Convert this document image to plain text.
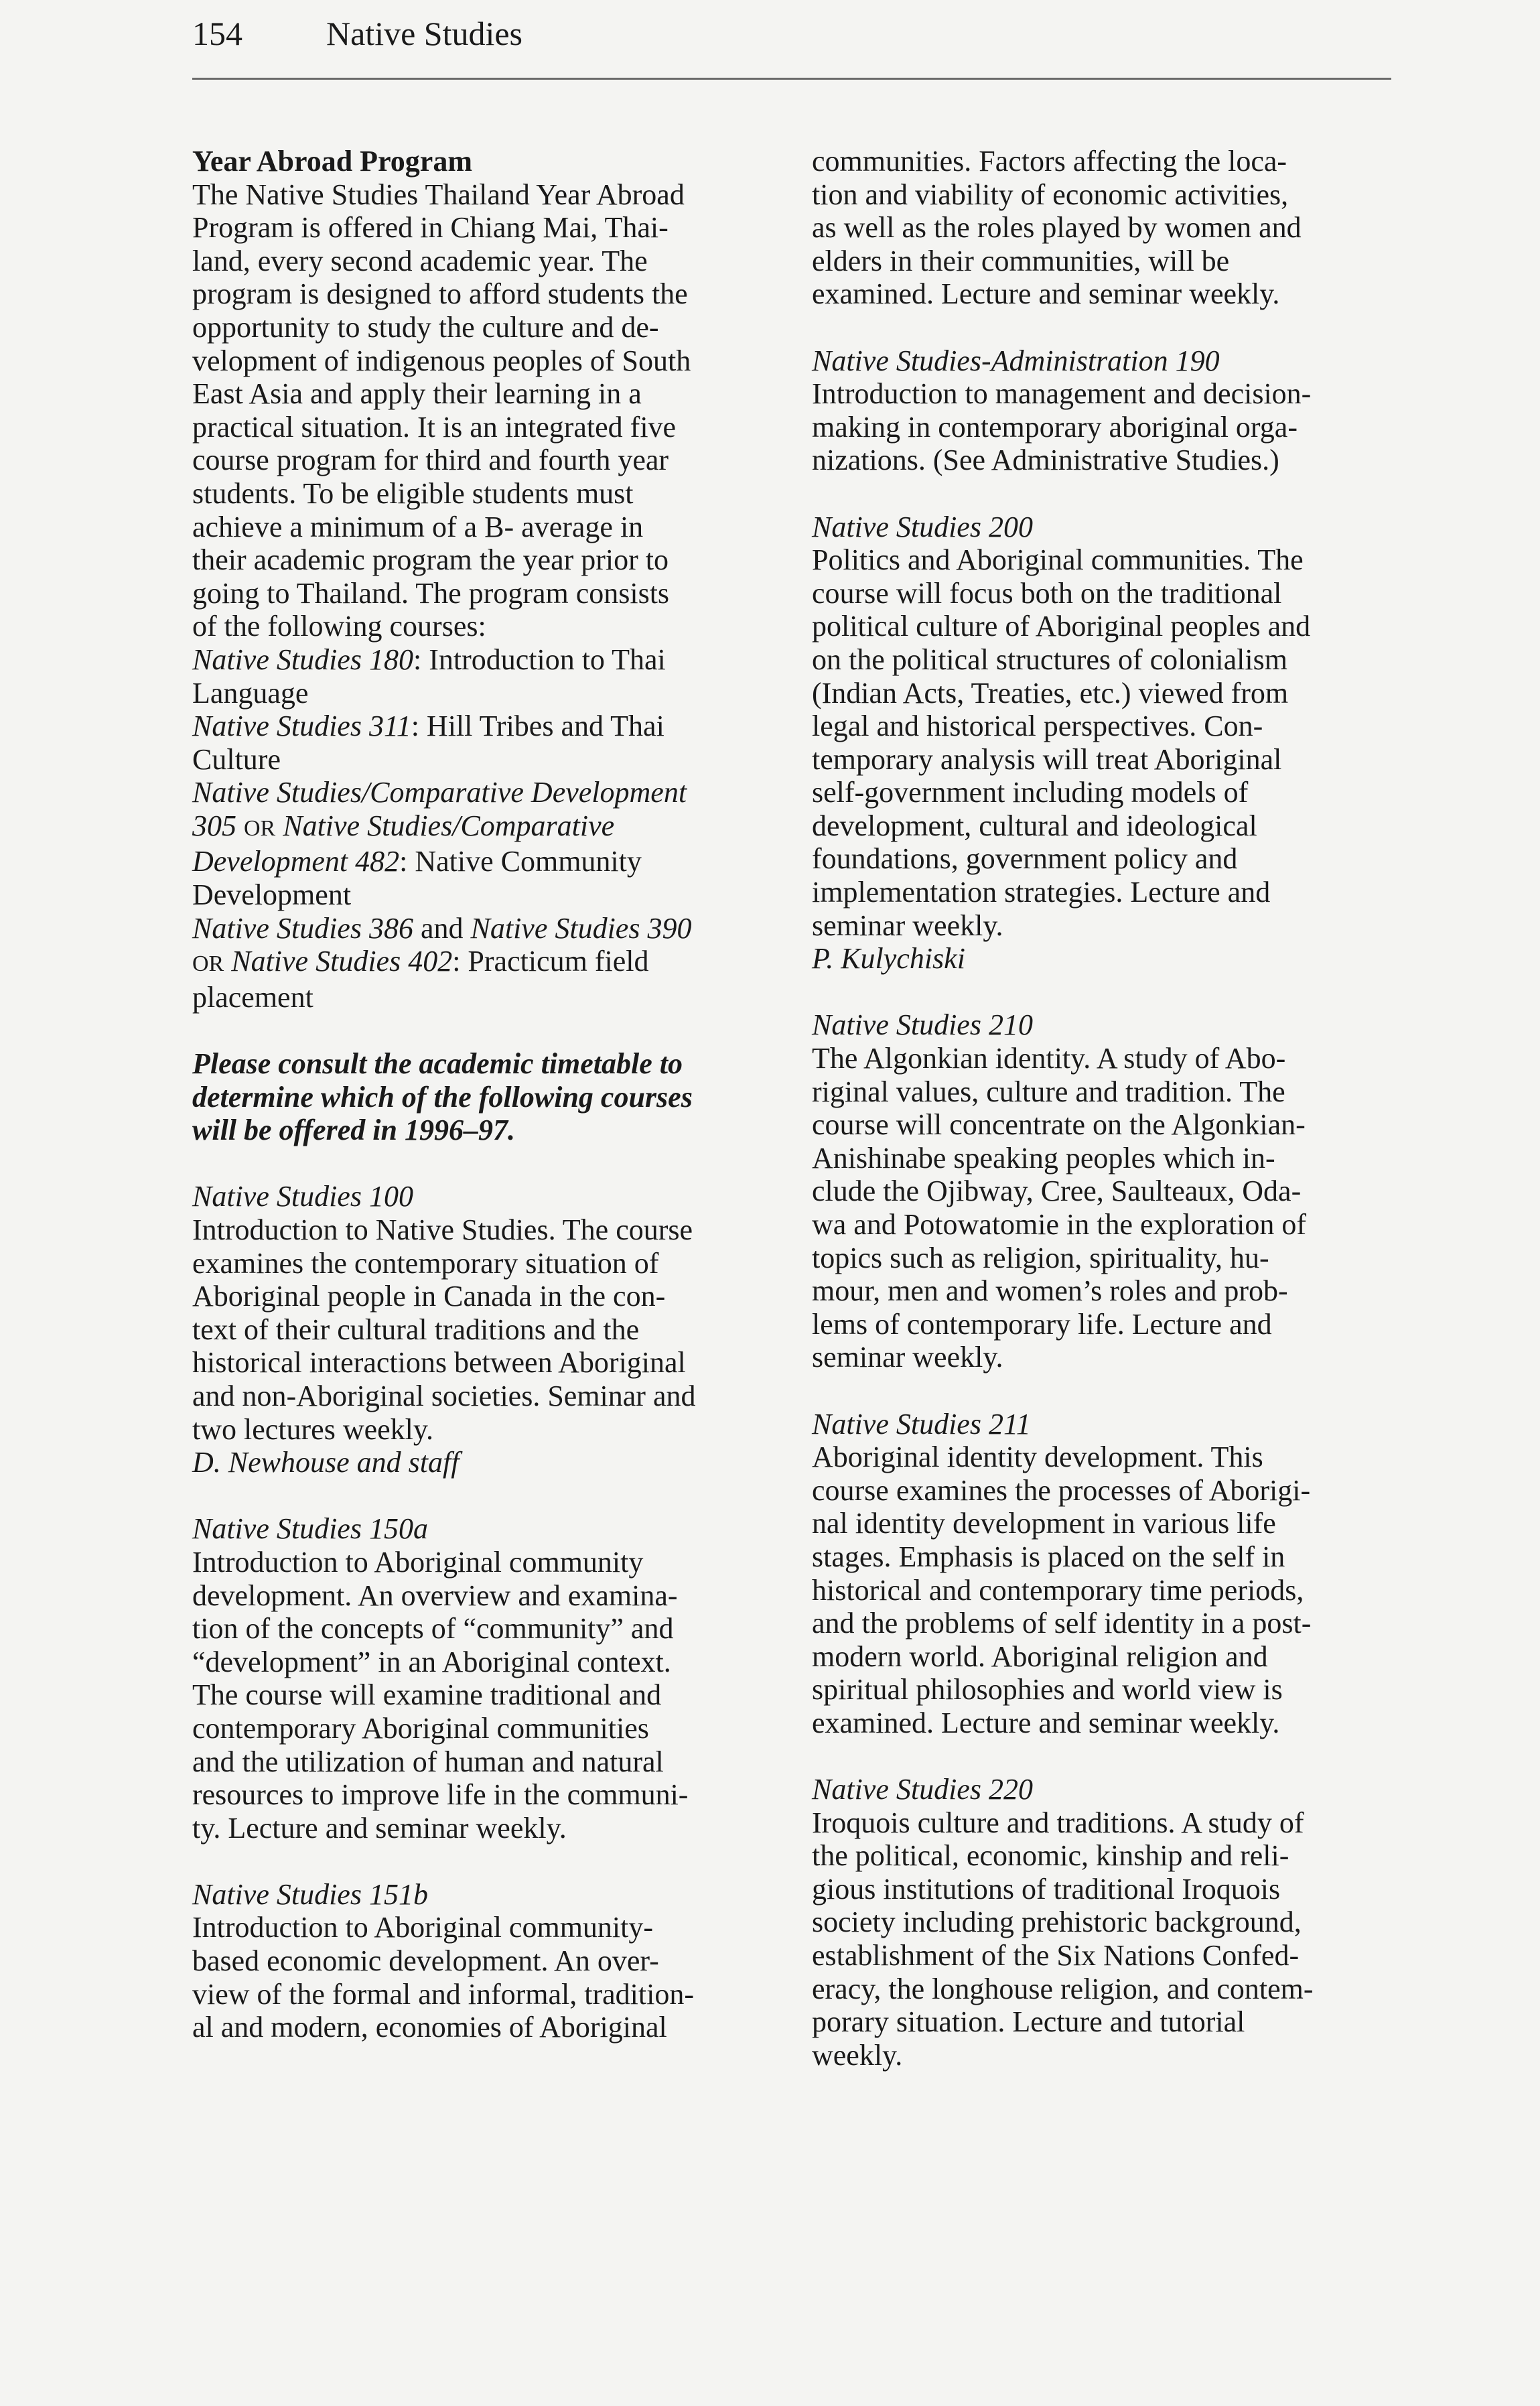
154	Native Studies

Year Abroad Program

The Native Studies Thailand Year Abroad

Program is offered in Chiang Mai, Thai-

land, every second academic year. The

program is designed to afford students the

opportunity to study the culture and de-

velopment of indigenous peoples of South

East Asia and apply their learning in a

practical situation. It is an integrated five

course program for third and fourth year

students. To be eligible students must

achieve a minimum of a B- average in

their academic program the year prior to

going to Thailand. The program consists

of the following courses:

Native Studies 180: Introduction to Thai

Language

Native Studies 311: Hill Tribes and Thai

Culture

Native Studies/Comparative Development

305 OR Native Studies/Comparative

Development 482: Native Community

Development

Native Studies 386 and Native Studies 390

OR Native Studies 402: Practicum field

placement

Please consult the academic timetable to

determine which of the following courses

will be offered in 1996–97.

Native Studies 100

Introduction to Native Studies. The course

examines the contemporary situation of

Aboriginal people in Canada in the con-

text of their cultural traditions and the

historical interactions between Aboriginal

and non-Aboriginal societies. Seminar and

two lectures weekly.

D. Newhouse and staff

Native Studies 150a

Introduction to Aboriginal community

development. An overview and examina-

tion of the concepts of “community” and

“development” in an Aboriginal context.

The course will examine traditional and

contemporary Aboriginal communities

and the utilization of human and natural

resources to improve life in the communi-

ty. Lecture and seminar weekly.

Native Studies 151b

Introduction to Aboriginal community-

based economic development. An over-

view of the formal and informal, tradition-

al and modern, economies of Aboriginal

communities. Factors affecting the loca-

tion and viability of economic activities,

as well as the roles played by women and

elders in their communities, will be

examined. Lecture and seminar weekly.

Native Studies-Administration 190

Introduction to management and decision-

making in contemporary aboriginal orga-

nizations. (See Administrative Studies.)

Native Studies 200

Politics and Aboriginal communities. The

course will focus both on the traditional

political culture of Aboriginal peoples and

on the political structures of colonialism

(Indian Acts, Treaties, etc.) viewed from

legal and historical perspectives. Con-

temporary analysis will treat Aboriginal

self-government including models of

development, cultural and ideological

foundations, government policy and

implementation strategies. Lecture and

seminar weekly.

P. Kulychiski

Native Studies 210

The Algonkian identity. A study of Abo-

riginal values, culture and tradition. The

course will concentrate on the Algonkian-

Anishinabe speaking peoples which in-

clude the Ojibway, Cree, Saulteaux, Oda-

wa and Potowatomie in the exploration of

topics such as religion, spirituality, hu-

mour, men and women’s roles and prob-

lems of contemporary life. Lecture and

seminar weekly.

Native Studies 211

Aboriginal identity development. This

course examines the processes of Aborigi-

nal identity development in various life

stages. Emphasis is placed on the self in

historical and contemporary time periods,

and the problems of self identity in a post-

modern world. Aboriginal religion and

spiritual philosophies and world view is

examined. Lecture and seminar weekly.

Native Studies 220

Iroquois culture and traditions. A study of

the political, economic, kinship and reli-

gious institutions of traditional Iroquois

society including prehistoric background,

establishment of the Six Nations Confed-

eracy, the longhouse religion, and contem-

porary situation. Lecture and tutorial

weekly.
